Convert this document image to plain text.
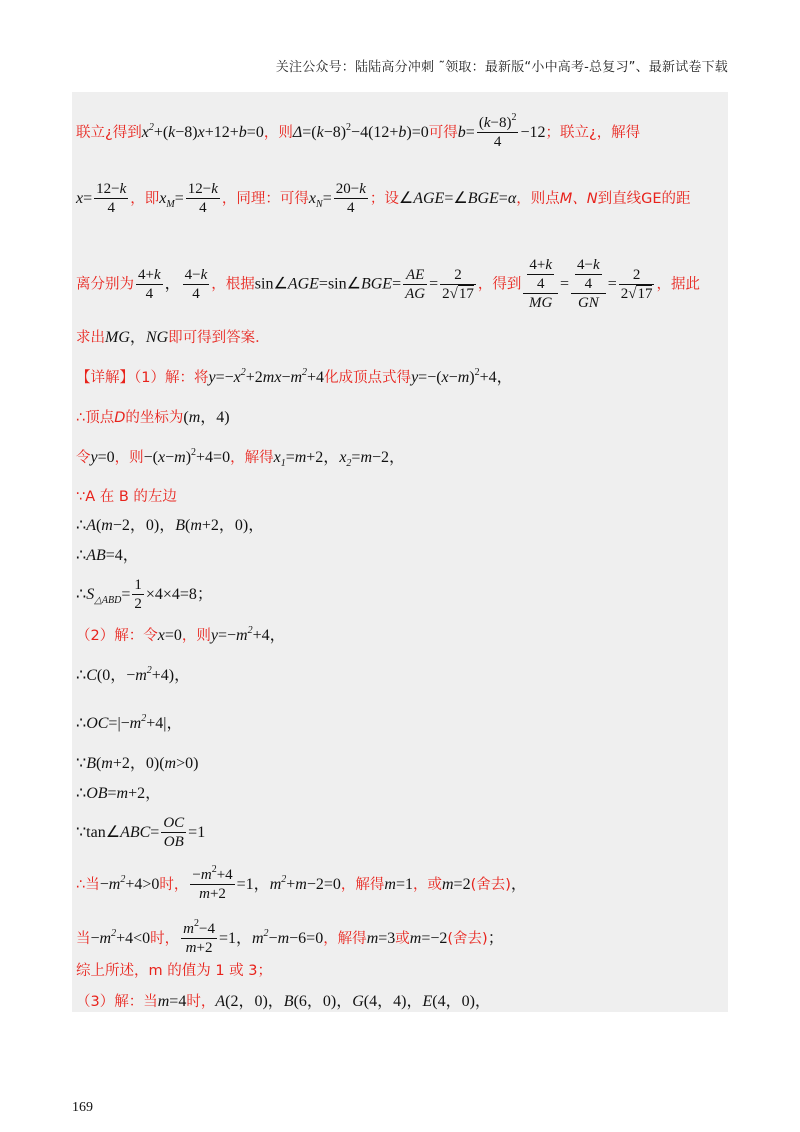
关注公众号：陆陆高分冲刺 ˜领取：最新版“小中高考-总复习”、最新试卷下载
联立¿得到$x^2+(k-8)x+12+b=0$，则$\Delta=(k-8)^2-4(12+b)=0$可得$b= \frac{(k-8)^2}{4} -12$；联立¿，解得
$x= \frac{12-k}{4}$ ，即$x_M= \frac{12-k}{4}$ ，同理：可得$x_N= \frac{20-k}{4}$ ；设∠AGE=∠BGE=α，则点M、N到直线GE的距
离分别为 $\frac{4+k}{4}$ ， $\frac{4-k}{4}$ ，根据sin∠AGE=sin∠BGE= $\frac{AE}{AG} = \frac{2}{2√17}$ ，得到 $\frac{\frac{4+k}{4}}{MG} = \frac{\frac{4-k}{4}}{GN} = \frac{2}{2√17}$ ，据此
求出MG，NG即可得到答案．
【详解】（1）解：将$y=-x^2+2mx-m^2+4$化成顶点式得$y=-(x-m)^2+4$，
∴顶点D的坐标为(m，4)
令y=0，则$-(x-m)^2+4=0$，解得$x_1=m+2$，$x_2=m-2$，
∵A 在 B 的左边
∴A(m−2，0)，B(m+2，0)，
∴AB=4，
$\therefore S_{\triangle ABD}= \frac{1}{2} \times 4\times 4=8$；
（2）解：令x=0，则$y=-m^2+4$，
∴C(0，$-m^2+4$)，
$\therefore OC=|-m^2+4|$，
∵B(m+2，0)(m>0)
∴OB=m+2，
∵tan∠ABC= $\frac{OC}{OB} =1$
∴当$-m^2+4>0$时， $\frac{-m^2+4}{m+2} =1$，$m^2+m-2=0$，解得m=1，或m=2(舍去)，
当$-m^2+4<0$时， $\frac{m^2-4}{m+2} =1$，$m^2-m-6=0$，解得m=3或m=−2(舍去)；
综上所述，m 的值为 1 或 3；
（3）解：当m=4时，A(2，0)，B(6，0)，G(4，4)，E(4，0)，
169
